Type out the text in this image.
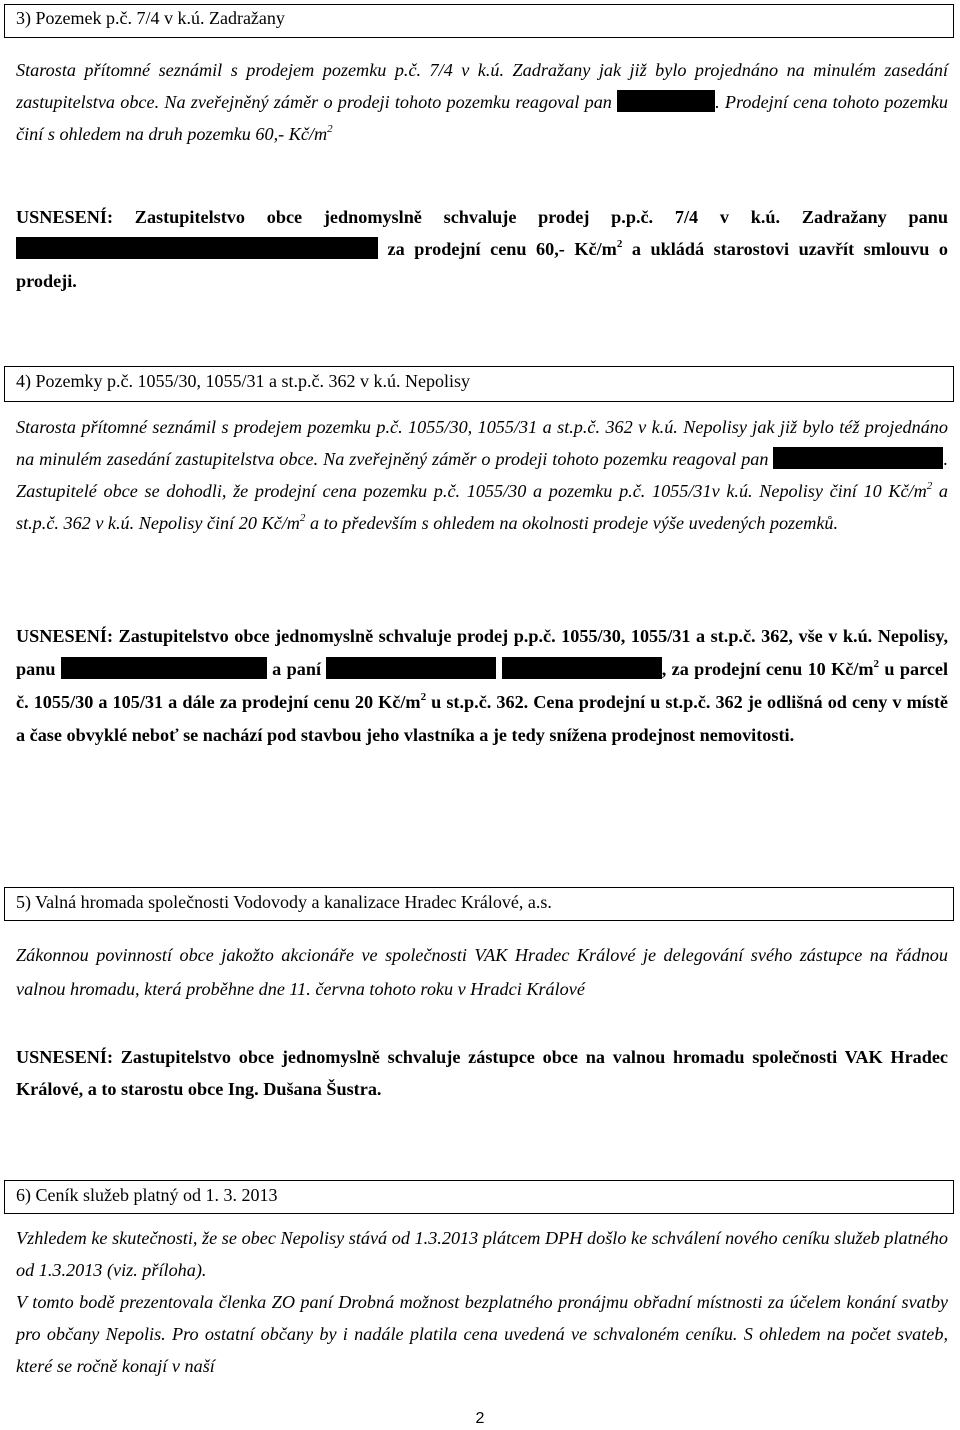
3) Pozemek p.č. 7/4 v k.ú. Zadražany
Starosta přítomné seznámil s prodejem pozemku p.č. 7/4 v k.ú. Zadražany jak již bylo projednáno na minulém zasedání zastupitelstva obce. Na zveřejněný záměr o prodeji tohoto pozemku reagoval pan	. Prodejní cena tohoto pozemku činí s ohledem na druh pozemku 60,- $Kč/m^2$
USNESENÍ: Zastupitelstvo obce jednomyslně schvaluje prodej p.p.č. 7/4 v k.ú. Zadražany panu  za prodejní cenu 60,- $Kč/m^2$ a ukládá starostovi uzavřít smlouvu o prodeji.
4) Pozemky p.č. 1055/30, 1055/31 a st.p.č. 362 v k.ú. Nepolisy
Starosta přítomné seznámil s prodejem pozemku p.č. 1055/30, 1055/31 a st.p.č. 362 v k.ú. Nepolisy jak již bylo též projednáno na minulém zasedání zastupitelstva obce. Na zveřejněný záměr o prodeji tohoto pozemku reagoval pan	. Zastupitelé obce se dohodli, že prodejní cena pozemku p.č. 1055/30 a pozemku p.č. 1055/31v k.ú. Nepolisy činí 10 $Kč/m^2$ a st.p.č. 362 v k.ú. Nepolisy činí 20 $Kč/m^2$ a to především s ohledem na okolnosti prodeje výše uvedených pozemků.
USNESENÍ: Zastupitelstvo obce jednomyslně schvaluje prodej p.p.č. 1055/30, 1055/31 a st.p.č. 362, vše v k.ú. Nepolisy, panu	a paní	, za prodejní cenu 10 $Kč/m^2$ u parcel č. 1055/30 a 105/31 a dále za prodejní cenu 20 $Kč/m^2$ u st.p.č. 362. Cena prodejní u st.p.č. 362 je odlišná od ceny v místě a čase obvyklé neboť se nachází pod stavbou jeho vlastníka a je tedy snížena prodejnost nemovitosti.
5) Valná hromada společnosti Vodovody a kanalizace Hradec Králové, a.s.
Zákonnou povinností obce jakožto akcionáře ve společnosti VAK Hradec Králové je delegování svého zástupce na řádnou valnou hromadu, která proběhne dne 11. června tohoto roku v Hradci Králové
USNESENÍ: Zastupitelstvo obce jednomyslně schvaluje zástupce obce na valnou hromadu společnosti VAK Hradec Králové, a to starostu obce Ing. Dušana Šustra.
6) Ceník služeb platný od 1. 3. 2013
Vzhledem ke skutečnosti, že se obec Nepolisy stává od 1.3.2013 plátcem DPH došlo ke schválení nového ceníku služeb platného od 1.3.2013 (viz. příloha).
V tomto bodě prezentovala členka ZO paní Drobná možnost bezplatného pronájmu obřadní místnosti za účelem konání svatby pro občany Nepolis. Pro ostatní občany by i nadále platila cena uvedená ve schvaloném ceníku. S ohledem na počet svateb, které se ročně konají v naší
2
